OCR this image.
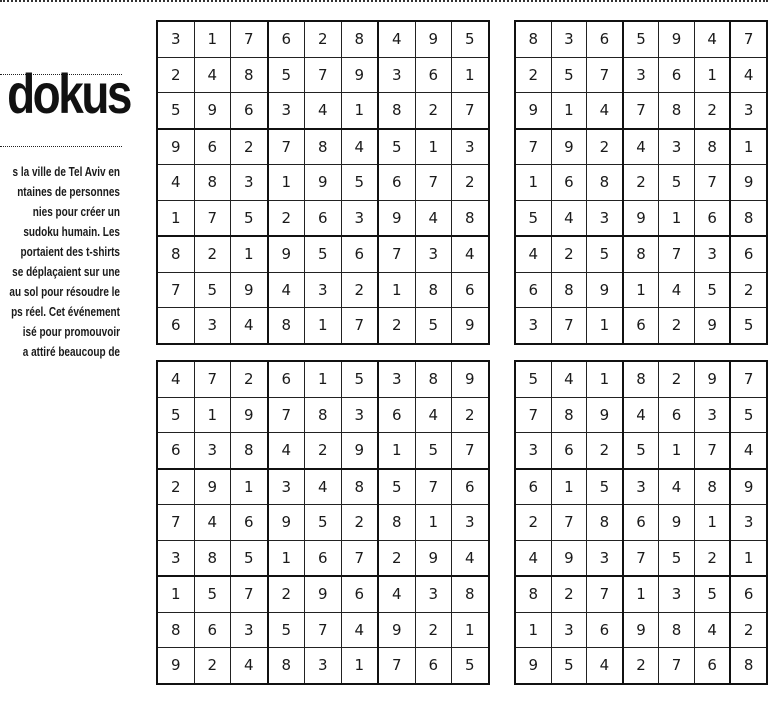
dokus
s la ville de Tel Aviv en
ntaines de personnes
nies pour créer un
sudoku humain. Les
portaient des t-shirts
se déplaçaient sur une
au sol pour résoudre le
ps réel. Cet événement
isé pour promouvoir
a attiré beaucoup de
3	1	7	6	2	8	4	9	5
2	4	8	5	7	9	3	6	1
5	9	6	3	4	1	8	2	7
9	6	2	7	8	4	5	1	3
4	8	3	1	9	5	6	7	2
1	7	5	2	6	3	9	4	8
8	2	1	9	5	6	7	3	4
7	5	9	4	3	2	1	8	6
6	3	4	8	1	7	2	5	9
8	3	6	5	9	4	7
2	5	7	3	6	1	4
9	1	4	7	8	2	3
7	9	2	4	3	8	1
1	6	8	2	5	7	9
5	4	3	9	1	6	8
4	2	5	8	7	3	6
6	8	9	1	4	5	2
3	7	1	6	2	9	5
4	7	2	6	1	5	3	8	9
5	1	9	7	8	3	6	4	2
6	3	8	4	2	9	1	5	7
2	9	1	3	4	8	5	7	6
7	4	6	9	5	2	8	1	3
3	8	5	1	6	7	2	9	4
1	5	7	2	9	6	4	3	8
8	6	3	5	7	4	9	2	1
9	2	4	8	3	1	7	6	5
5	4	1	8	2	9	7
7	8	9	4	6	3	5
3	6	2	5	1	7	4
6	1	5	3	4	8	9
2	7	8	6	9	1	3
4	9	3	7	5	2	1
8	2	7	1	3	5	6
1	3	6	9	8	4	2
9	5	4	2	7	6	8
